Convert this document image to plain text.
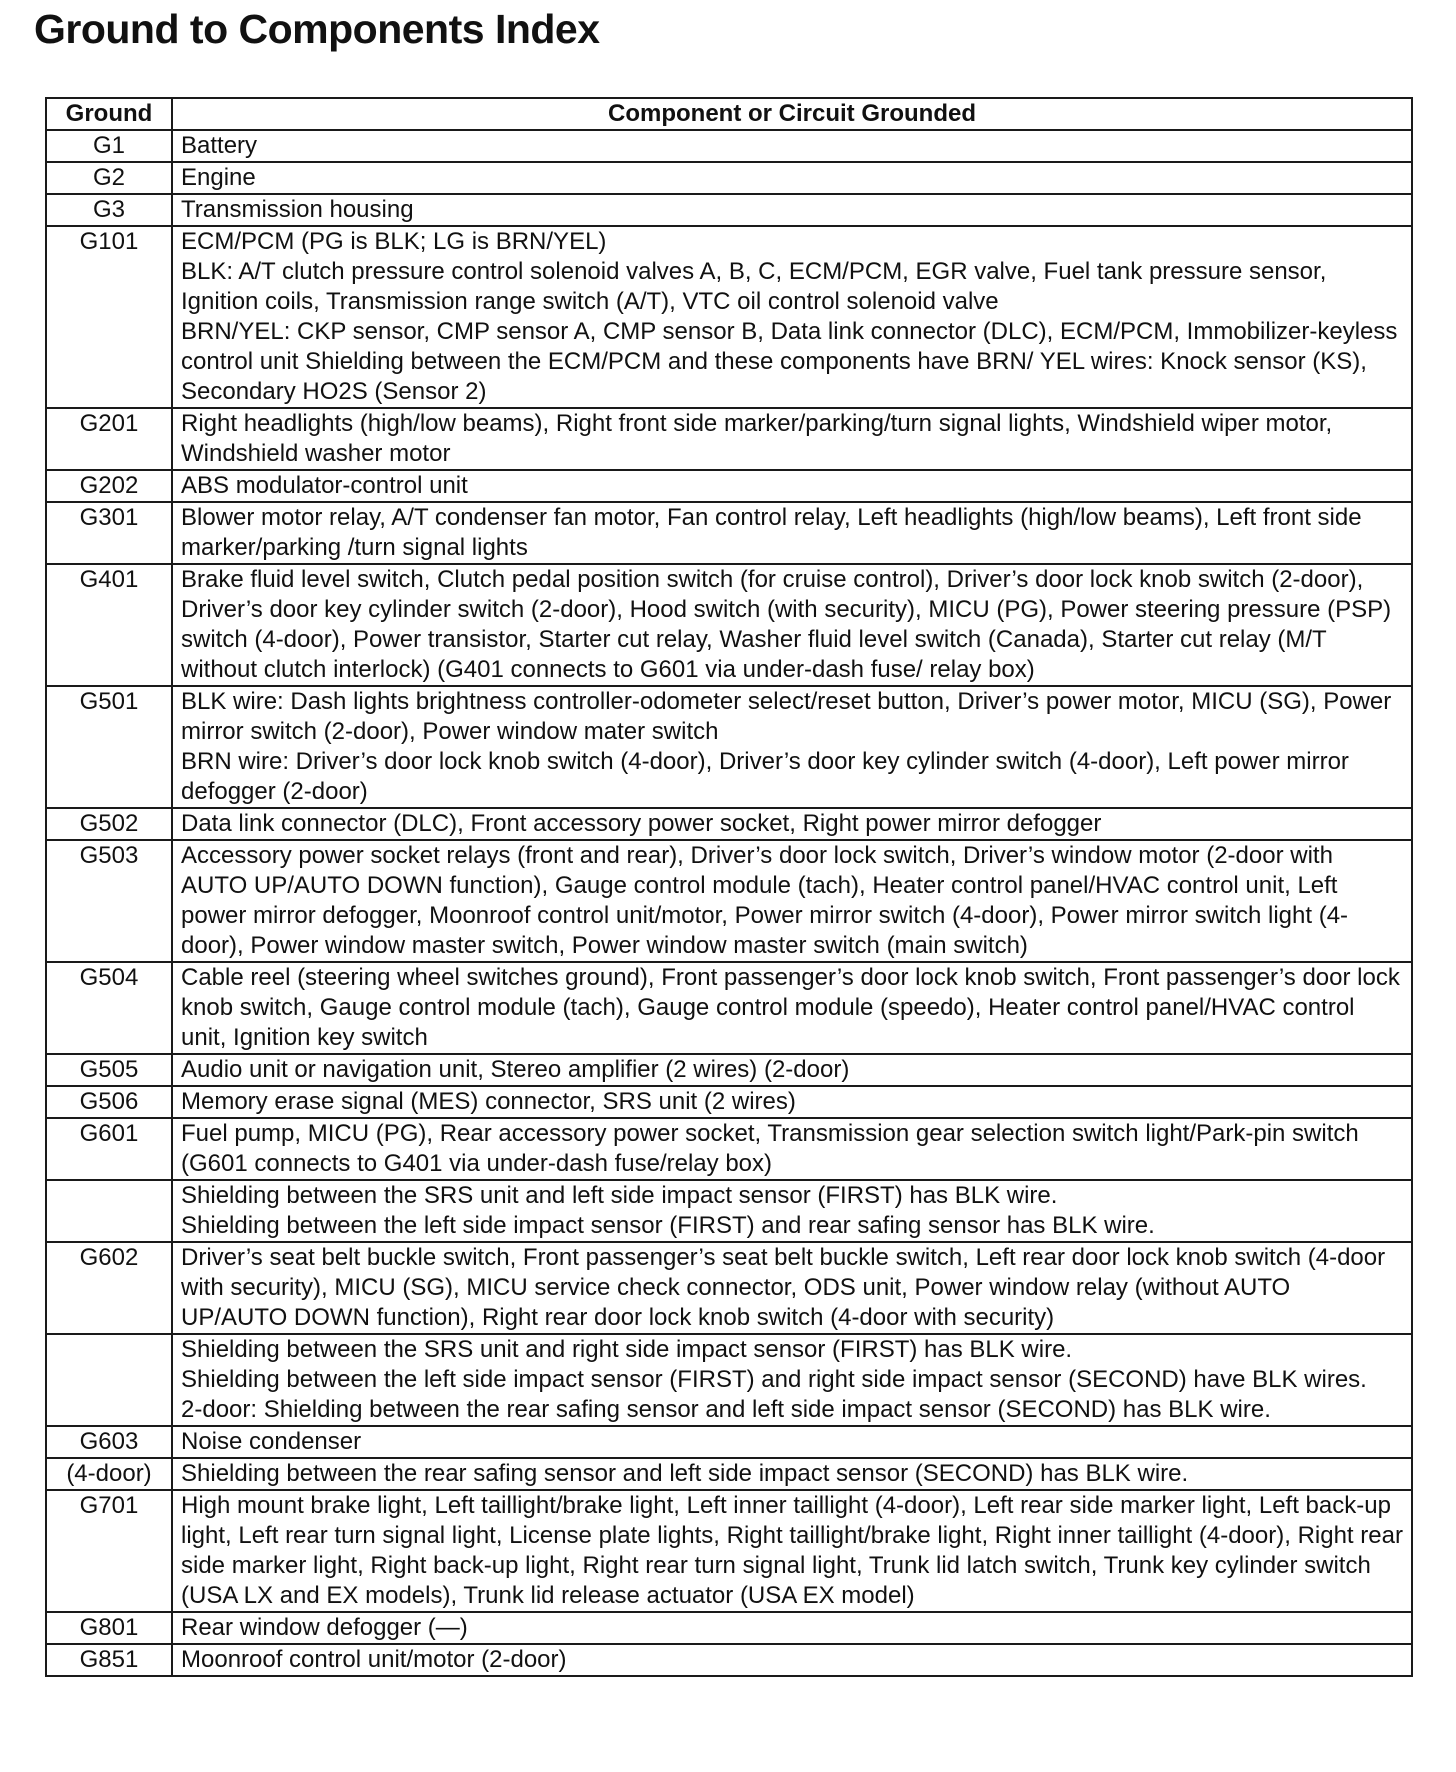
Ground to Components Index
Ground	Component or Circuit Grounded
G1	Battery

G2	Engine

G3	Transmission housing

G101	ECM/PCM (PG is BLK; LG is BRN/YEL)
BLK: A/T clutch pressure control solenoid valves A, B, C, ECM/PCM, EGR valve, Fuel tank pressure sensor, Ignition coils, Transmission range switch (A/T), VTC oil control solenoid valve
BRN/YEL: CKP sensor, CMP sensor A, CMP sensor B, Data link connector (DLC), ECM/PCM, Immobilizer-keyless control unit Shielding between the ECM/PCM and these components have BRN/ YEL wires: Knock sensor (KS), Secondary HO2S (Sensor 2)

G201	Right headlights (high/low beams), Right front side marker/parking/turn signal lights, Windshield wiper motor, Windshield washer motor

G202	ABS modulator-control unit

G301	Blower motor relay, A/T condenser fan motor, Fan control relay, Left headlights (high/low beams), Left front side marker/parking /turn signal lights

G401	Brake fluid level switch, Clutch pedal position switch (for cruise control), Driver’s door lock knob switch (2-door), Driver’s door key cylinder switch (2-door), Hood switch (with security), MICU (PG), Power steering pressure (PSP) switch (4-door), Power transistor, Starter cut relay, Washer fluid level switch (Canada), Starter cut relay (M/T without clutch interlock) (G401 connects to G601 via under-dash fuse/ relay box)

G501	BLK wire: Dash lights brightness controller-odometer select/reset button, Driver’s power motor, MICU (SG), Power mirror switch (2-door), Power window mater switch
BRN wire: Driver’s door lock knob switch (4-door), Driver’s door key cylinder switch (4-door), Left power mirror defogger (2-door)

G502	Data link connector (DLC), Front accessory power socket, Right power mirror defogger

G503	Accessory power socket relays (front and rear), Driver’s door lock switch, Driver’s window motor (2-door with AUTO UP/AUTO DOWN function), Gauge control module (tach), Heater control panel/HVAC control unit, Left power mirror defogger, Moonroof control unit/motor, Power mirror switch (4-door), Power mirror switch light (4-door), Power window master switch, Power window master switch (main switch)

G504	Cable reel (steering wheel switches ground), Front passenger’s door lock knob switch, Front passenger’s door lock knob switch, Gauge control module (tach), Gauge control module (speedo), Heater control panel/HVAC control unit, Ignition key switch

G505	Audio unit or navigation unit, Stereo amplifier (2 wires) (2-door)

G506	Memory erase signal (MES) connector, SRS unit (2 wires)

G601	Fuel pump, MICU (PG), Rear accessory power socket, Transmission gear selection switch light/Park-pin switch (G601 connects to G401 via under-dash fuse/relay box)

	Shielding between the SRS unit and left side impact sensor (FIRST) has BLK wire.
Shielding between the left side impact sensor (FIRST) and rear safing sensor has BLK wire.

G602	Driver’s seat belt buckle switch, Front passenger’s seat belt buckle switch, Left rear door lock knob switch (4-door with security), MICU (SG), MICU service check connector, ODS unit, Power window relay (without AUTO UP/AUTO DOWN function), Right rear door lock knob switch (4-door with security)

	Shielding between the SRS unit and right side impact sensor (FIRST) has BLK wire.
Shielding between the left side impact sensor (FIRST) and right side impact sensor (SECOND) have BLK wires.
2-door: Shielding between the rear safing sensor and left side impact sensor (SECOND) has BLK wire.

G603	Noise condenser

(4-door)	Shielding between the rear safing sensor and left side impact sensor (SECOND) has BLK wire.

G701	High mount brake light, Left taillight/brake light, Left inner taillight (4-door), Left rear side marker light, Left back-up light, Left rear turn signal light, License plate lights, Right taillight/brake light, Right inner taillight (4-door), Right rear side marker light, Right back-up light, Right rear turn signal light, Trunk lid latch switch, Trunk key cylinder switch (USA LX and EX models), Trunk lid release actuator (USA EX model)

G801	Rear window defogger (—)

G851	Moonroof control unit/motor (2-door)
